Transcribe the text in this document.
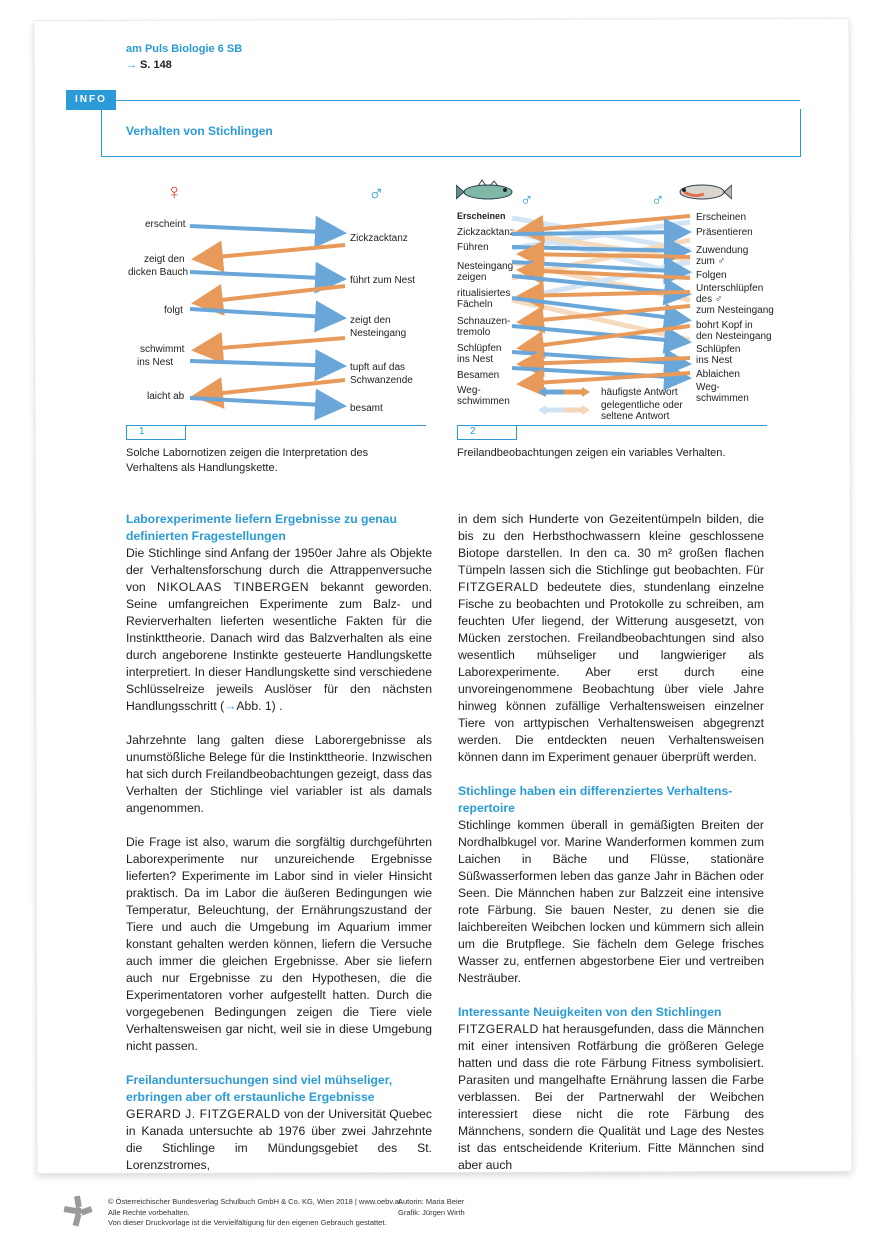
am Puls Biologie 6 SB
→ S. 148
INFO
Verhalten von Stichlingen
♀	♂
erscheint
zeigt den
dicken Bauch
folgt
schwimmt
ins Nest
laicht ab
Zickzacktanz
führt zum Nest
zeigt den
Nesteingang
tupft auf das
Schwanzende
besamt
1
Solche Labornotizen zeigen die Interpretation des
Verhaltens als Handlungskette.
♂	♂
Erscheinen
Zickzacktanz
Führen
Nesteingang
zeigen
ritualisiertes
Fächeln
Schnauzen-
tremolo
Schlüpfen
ins Nest
Besamen
Weg-
schwimmen
Erscheinen
Präsentieren
Zuwendung
zum ♂
Folgen
Unterschlüpfen
des ♂
zum Nesteingang
bohrt Kopf in
den Nesteingang
Schlüpfen
ins Nest
Ablaichen
Weg-
schwimmen
häufigste Antwort
gelegentliche oder
seltene Antwort
2
Freilandbeobachtungen zeigen ein variables Verhalten.
Laborexperimente liefern Ergebnisse zu genau
definierten Fragestellungen

Die Stichlinge sind Anfang der 1950er Jahre als Objekte der Verhaltensforschung durch die Attrappenversuche von NIKOLAAS TINBERGEN bekannt geworden. Seine umfangreichen Experimente zum Balz- und Revierverhalten lieferten wesentliche Fakten für die Instinkttheorie. Danach wird das Balzverhalten als eine durch angeborene Instinkte gesteuerte Handlungskette interpretiert. In dieser Handlungskette sind verschiedene Schlüsselreize jeweils Auslöser für den nächsten Handlungsschritt (→Abb. 1) .

Jahrzehnte lang galten diese Laborergebnisse als unumstößliche Belege für die Instinkttheorie. Inzwischen hat sich durch Freilandbeobachtungen gezeigt, dass das Verhalten der Stichlinge viel variabler ist als damals angenommen.

Die Frage ist also, warum die sorgfältig durchgeführten Laborexperimente nur unzureichende Ergebnisse lieferten? Experimente im Labor sind in vieler Hinsicht praktisch. Da im Labor die äußeren Bedingungen wie Temperatur, Beleuchtung, der Ernährungszustand der Tiere und auch die Umgebung im Aquarium immer konstant gehalten werden können, liefern die Versuche auch immer die gleichen Ergebnisse. Aber sie liefern auch nur Ergebnisse zu den Hypothesen, die die Experimentatoren vorher aufgestellt hatten. Durch die vorgegebenen Bedingungen zeigen die Tiere viele Verhaltensweisen gar nicht, weil sie in diese Umgebung nicht passen.

Freilanduntersuchungen sind viel mühseliger,
erbringen aber oft erstaunliche Ergebnisse

GERARD J. FITZGERALD von der Universität Quebec in Kanada untersuchte ab 1976 über zwei Jahrzehnte die Stichlinge im Mündungsgebiet des St. Lorenzstromes,

in dem sich Hunderte von Gezeitentümpeln bilden, die bis zu den Herbsthochwassern kleine geschlossene Biotope darstellen. In den ca. 30 m² großen flachen Tümpeln lassen sich die Stichlinge gut beobachten. Für FITZGERALD bedeutete dies, stundenlang einzelne Fische zu beobachten und Protokolle zu schreiben, am feuchten Ufer liegend, der Witterung ausgesetzt, von Mücken zerstochen. Freilandbeobachtungen sind also wesentlich mühseliger und langwieriger als Laborexperimente. Aber erst durch eine unvoreingenommene Beobachtung über viele Jahre hinweg können zufällige Verhaltensweisen einzelner Tiere von arttypischen Verhaltensweisen abgegrenzt werden. Die entdeckten neuen Verhaltensweisen können dann im Experiment genauer überprüft werden.

Stichlinge haben ein differenziertes Verhaltens-
repertoire

Stichlinge kommen überall in gemäßigten Breiten der Nordhalbkugel vor. Marine Wanderformen kommen zum Laichen in Bäche und Flüsse, stationäre Süßwasserformen leben das ganze Jahr in Bächen oder Seen. Die Männchen haben zur Balzzeit eine intensive rote Färbung. Sie bauen Nester, zu denen sie die laichbereiten Weibchen locken und kümmern sich allein um die Brutpflege. Sie fächeln dem Gelege frisches Wasser zu, entfernen abgestorbene Eier und vertreiben Nesträuber.

Interessante Neuigkeiten von den Stichlingen

FITZGERALD hat herausgefunden, dass die Männchen mit einer intensiven Rotfärbung die größeren Gelege hatten und dass die rote Färbung Fitness symbolisiert. Parasiten und mangelhafte Ernährung lassen die Farbe verblassen. Bei der Partnerwahl der Weibchen interessiert diese nicht die rote Färbung des Männchens, sondern die Qualität und Lage des Nestes ist das entscheidende Kriterium. Fitte Männchen sind aber auch

© Österreichischer Bundesverlag Schulbuch GmbH & Co. KG, Wien 2018 | www.oebv.at
Alle Rechte vorbehalten.
Von dieser Druckvorlage ist die Vervielfältigung für den eigenen Gebrauch gestattet.
Autorin: Maria Beier
Grafik: Jürgen Wirth
